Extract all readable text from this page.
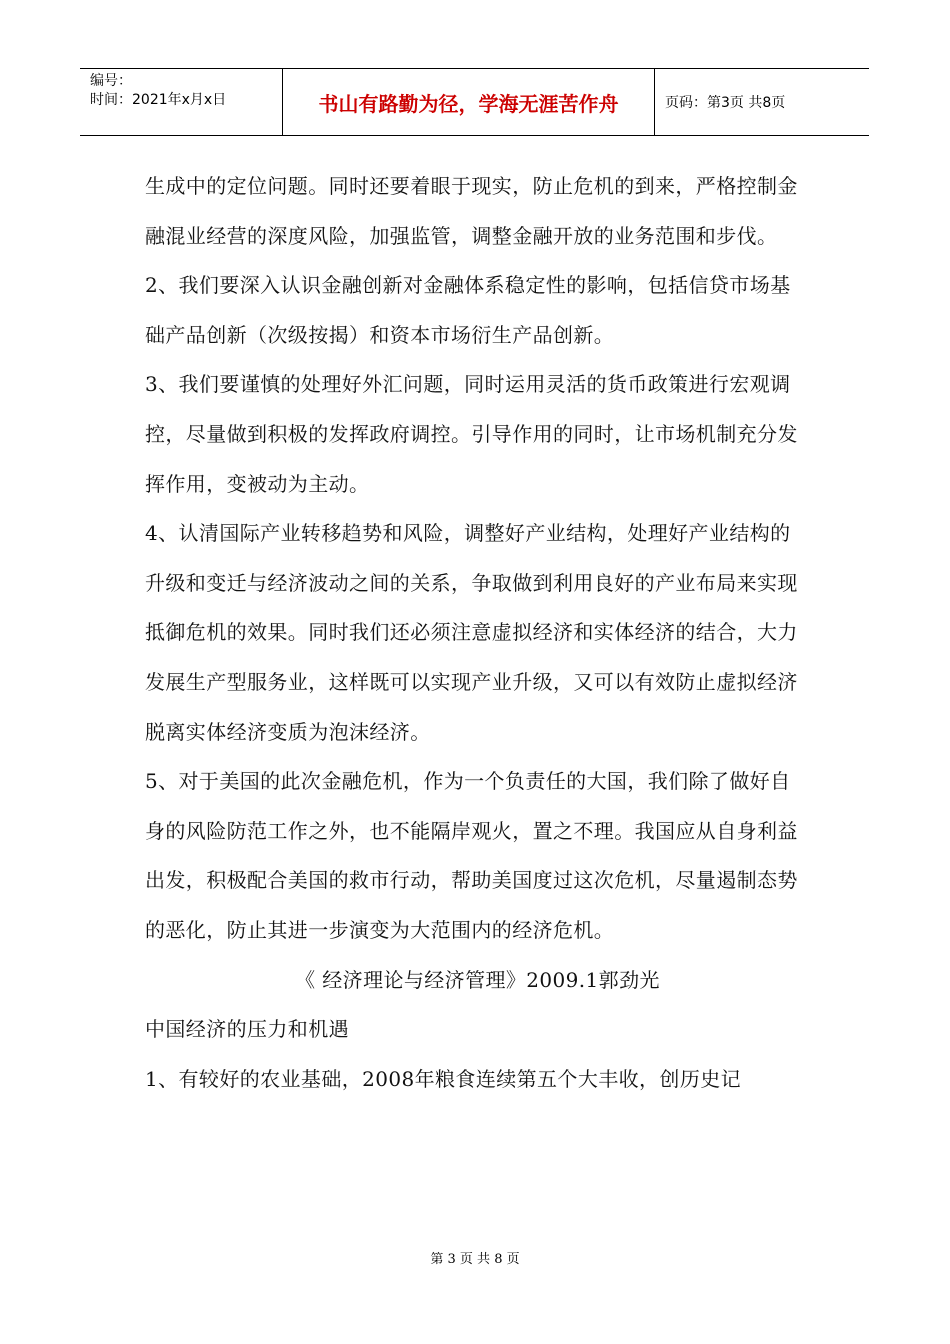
编号：
时间：2021年x月x日	书山有路勤为径，学海无涯苦作舟	页码：第3页 共8页

生成中的定位问题。同时还要着眼于现实，防止危机的到来，严格控制金融混业经营的深度风险，加强监管，调整金融开放的业务范围和步伐。

2、我们要深入认识金融创新对金融体系稳定性的影响，包括信贷市场基础产品创新（次级按揭）和资本市场衍生产品创新。

3、我们要谨慎的处理好外汇问题，同时运用灵活的货币政策进行宏观调控，尽量做到积极的发挥政府调控。引导作用的同时，让市场机制充分发挥作用，变被动为主动。

4、认清国际产业转移趋势和风险，调整好产业结构，处理好产业结构的升级和变迁与经济波动之间的关系，争取做到利用良好的产业布局来实现抵御危机的效果。同时我们还必须注意虚拟经济和实体经济的结合，大力发展生产型服务业，这样既可以实现产业升级，又可以有效防止虚拟经济脱离实体经济变质为泡沫经济。

5、对于美国的此次金融危机，作为一个负责任的大国，我们除了做好自身的风险防范工作之外，也不能隔岸观火，置之不理。我国应从自身利益出发，积极配合美国的救市行动，帮助美国度过这次危机，尽量遏制态势的恶化，防止其进一步演变为大范围内的经济危机。

《 经济理论与经济管理》2009.1郭劲光

中国经济的压力和机遇

1、有较好的农业基础，2008年粮食连续第五个大丰收，创历史记

第 3 页 共 8 页
